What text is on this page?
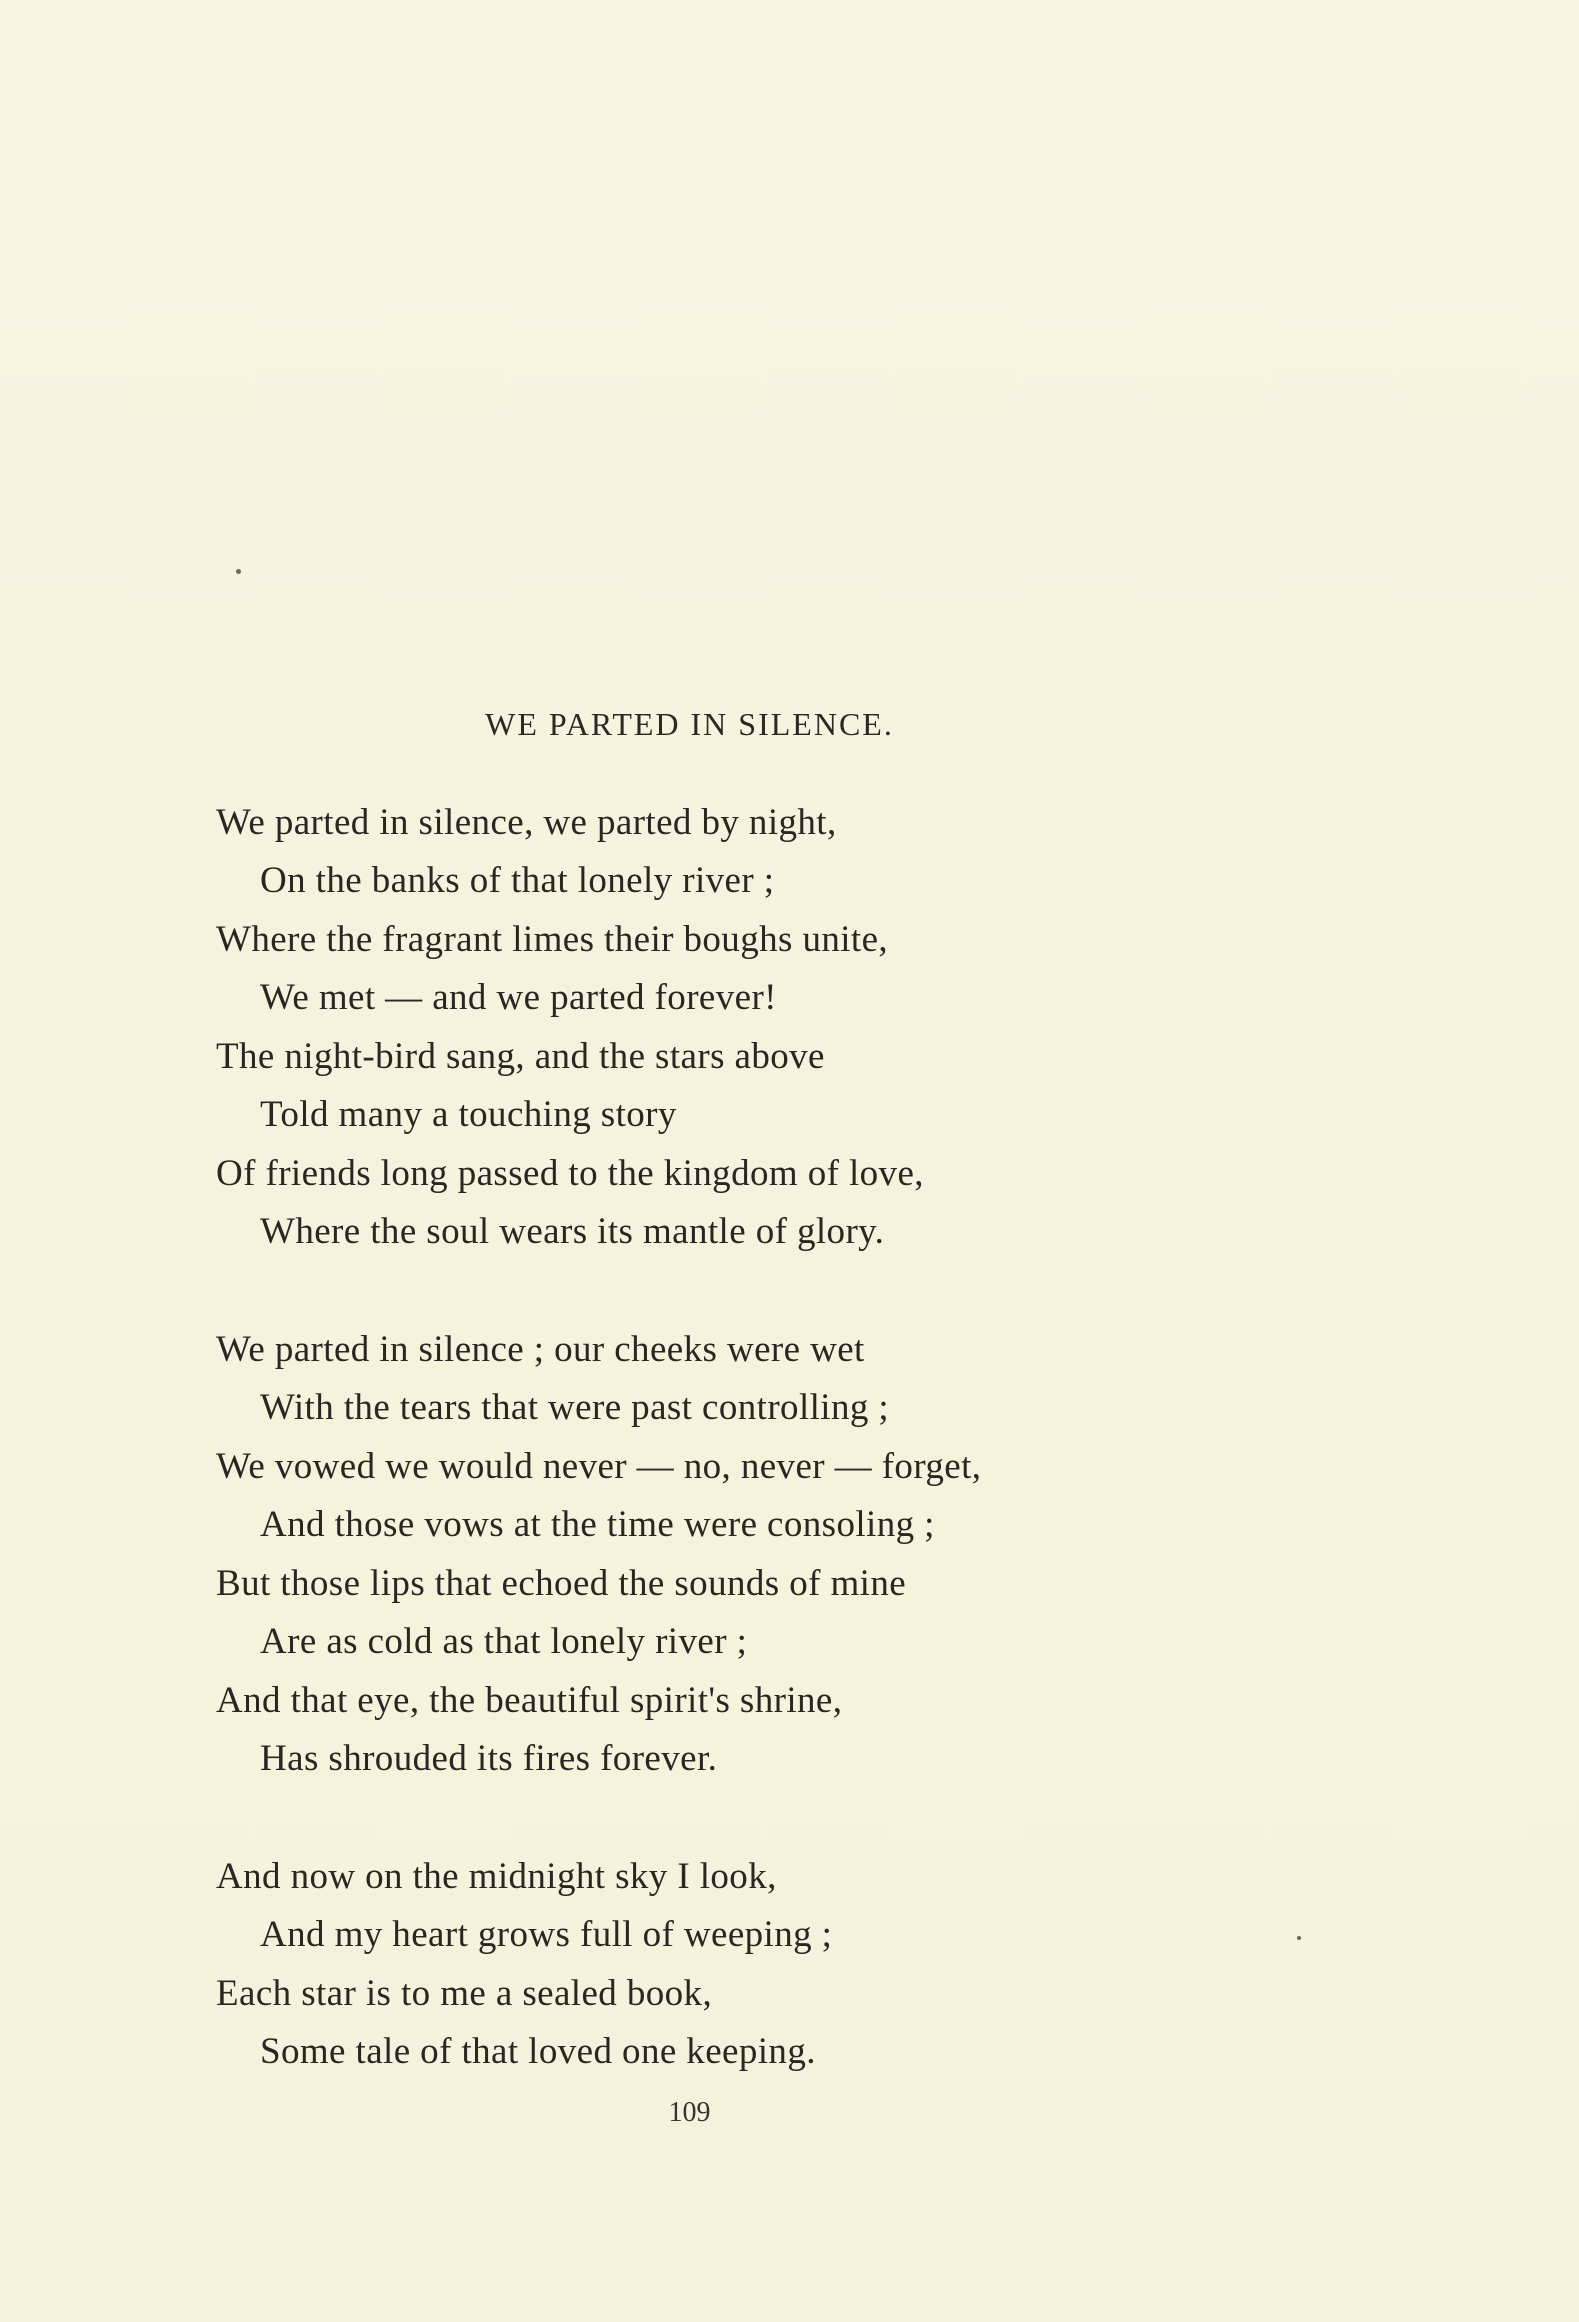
WE PARTED IN SILENCE.
We parted in silence, we parted by night,
On the banks of that lonely river ;
Where the fragrant limes their boughs unite,
We met — and we parted forever!
The night-bird sang, and the stars above
Told many a touching story
Of friends long passed to the kingdom of love,
Where the soul wears its mantle of glory.
We parted in silence ; our cheeks were wet
With the tears that were past controlling ;
We vowed we would never — no, never — forget,
And those vows at the time were consoling ;
But those lips that echoed the sounds of mine
Are as cold as that lonely river ;
And that eye, the beautiful spirit's shrine,
Has shrouded its fires forever.
And now on the midnight sky I look,
And my heart grows full of weeping ;
Each star is to me a sealed book,
Some tale of that loved one keeping.
109
